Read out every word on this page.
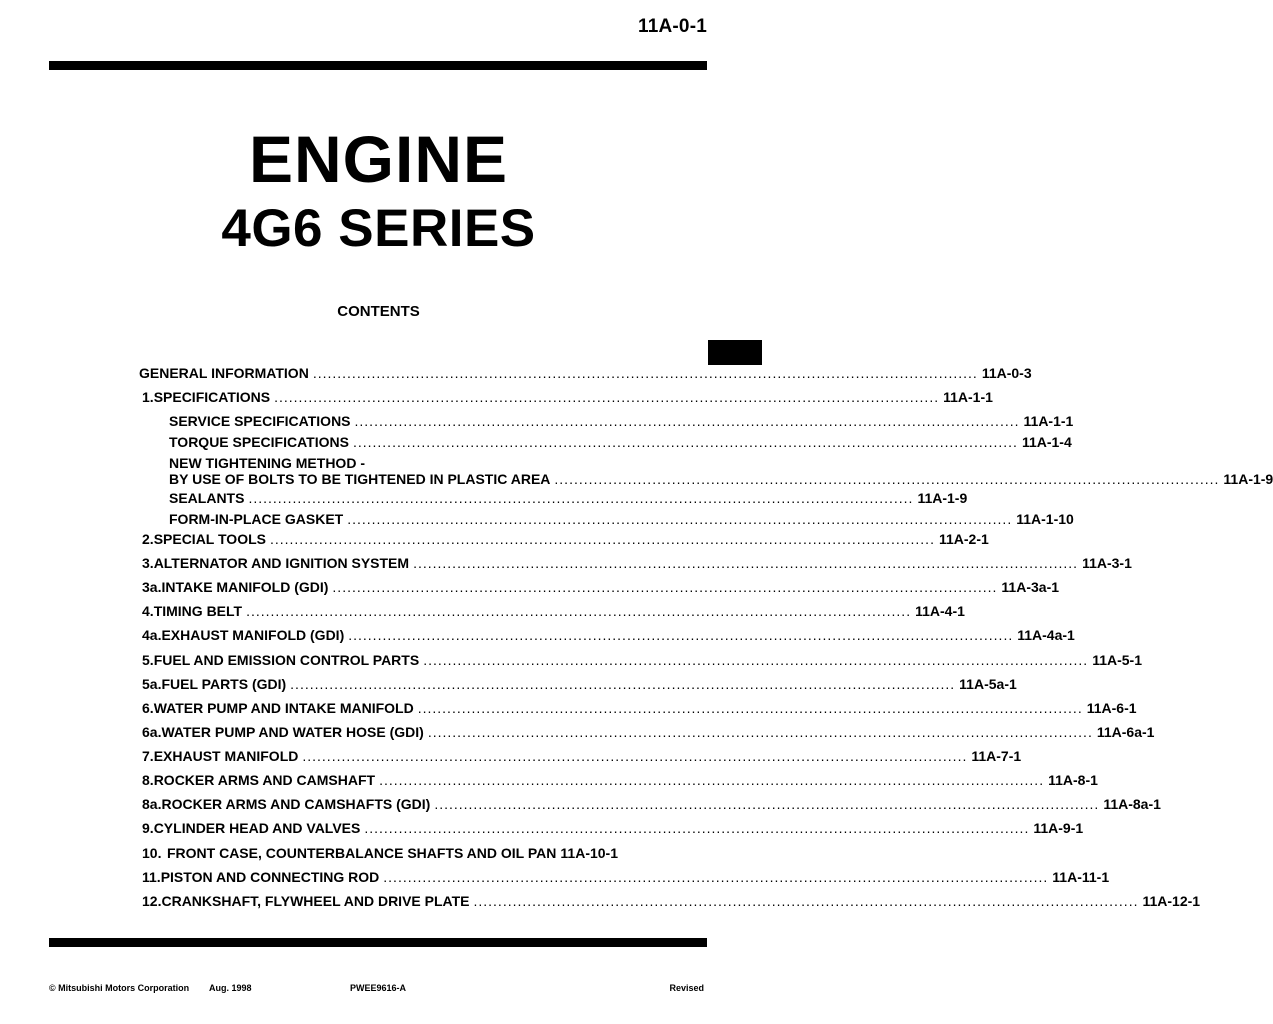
11A-0-1
ENGINE
4G6 SERIES
CONTENTS
GENERAL INFORMATION ........................................................................................................................................ 11A-0-3
1. SPECIFICATIONS ........................................................................................................................................ 11A-1-1
SERVICE SPECIFICATIONS ........................................................................................................................................ 11A-1-1
TORQUE SPECIFICATIONS ........................................................................................................................................ 11A-1-4
NEW TIGHTENING METHOD -
BY USE OF BOLTS TO BE TIGHTENED IN PLASTIC AREA ........................................................................................................................................ 11A-1-9
SEALANTS ........................................................................................................................................ 11A-1-9
FORM-IN-PLACE GASKET ........................................................................................................................................ 11A-1-10
2. SPECIAL TOOLS ........................................................................................................................................ 11A-2-1
3. ALTERNATOR AND IGNITION SYSTEM ........................................................................................................................................ 11A-3-1
3a. INTAKE MANIFOLD (GDI) ........................................................................................................................................ 11A-3a-1
4. TIMING BELT ........................................................................................................................................ 11A-4-1
4a. EXHAUST MANIFOLD (GDI) ........................................................................................................................................ 11A-4a-1
5. FUEL AND EMISSION CONTROL PARTS ........................................................................................................................................ 11A-5-1
5a. FUEL PARTS (GDI) ........................................................................................................................................ 11A-5a-1
6. WATER PUMP AND INTAKE MANIFOLD ........................................................................................................................................ 11A-6-1
6a. WATER PUMP AND WATER HOSE (GDI) ........................................................................................................................................ 11A-6a-1
7. EXHAUST MANIFOLD ........................................................................................................................................ 11A-7-1
8. ROCKER ARMS AND CAMSHAFT ........................................................................................................................................ 11A-8-1
8a. ROCKER ARMS AND CAMSHAFTS (GDI) ........................................................................................................................................ 11A-8a-1
9. CYLINDER HEAD AND VALVES ........................................................................................................................................ 11A-9-1
10. FRONT CASE, COUNTERBALANCE SHAFTS AND OIL PAN 11A-10-1
11. PISTON AND CONNECTING ROD ........................................................................................................................................ 11A-11-1
12. CRANKSHAFT, FLYWHEEL AND DRIVE PLATE ........................................................................................................................................ 11A-12-1
© Mitsubishi Motors Corporation Aug. 1998	PWEE9616-A	Revised
